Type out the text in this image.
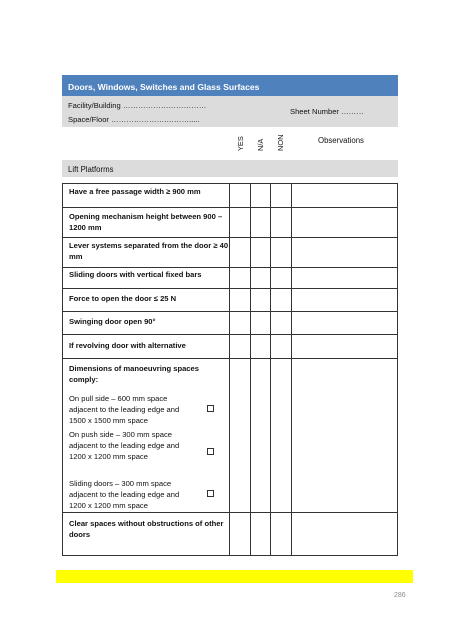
Doors, Windows, Switches and Glass Surfaces
Facility/Building ……………………………
Space/Floor ………………….……….....
Sheet Number ………
YES N/A NON	Observations
Lift Platforms
Have a free passage width ≥ 900 mm
Opening mechanism height between 900 – 1200 mm
Lever systems separated from the door ≥ 40 mm
Sliding doors with vertical fixed bars
Force to open the door ≤ 25 N
Swinging door open 90°
If revolving door with alternative
Dimensions of manoeuvring spaces comply:
On pull side – 600 mm space adjacent to the leading edge and 1500 x 1500 mm space
On push side – 300 mm space adjacent to the leading edge and 1200 x 1200 mm space
Sliding doors – 300 mm space adjacent to the leading edge and 1200 x 1200 mm space
Clear spaces without obstructions of other doors
286
